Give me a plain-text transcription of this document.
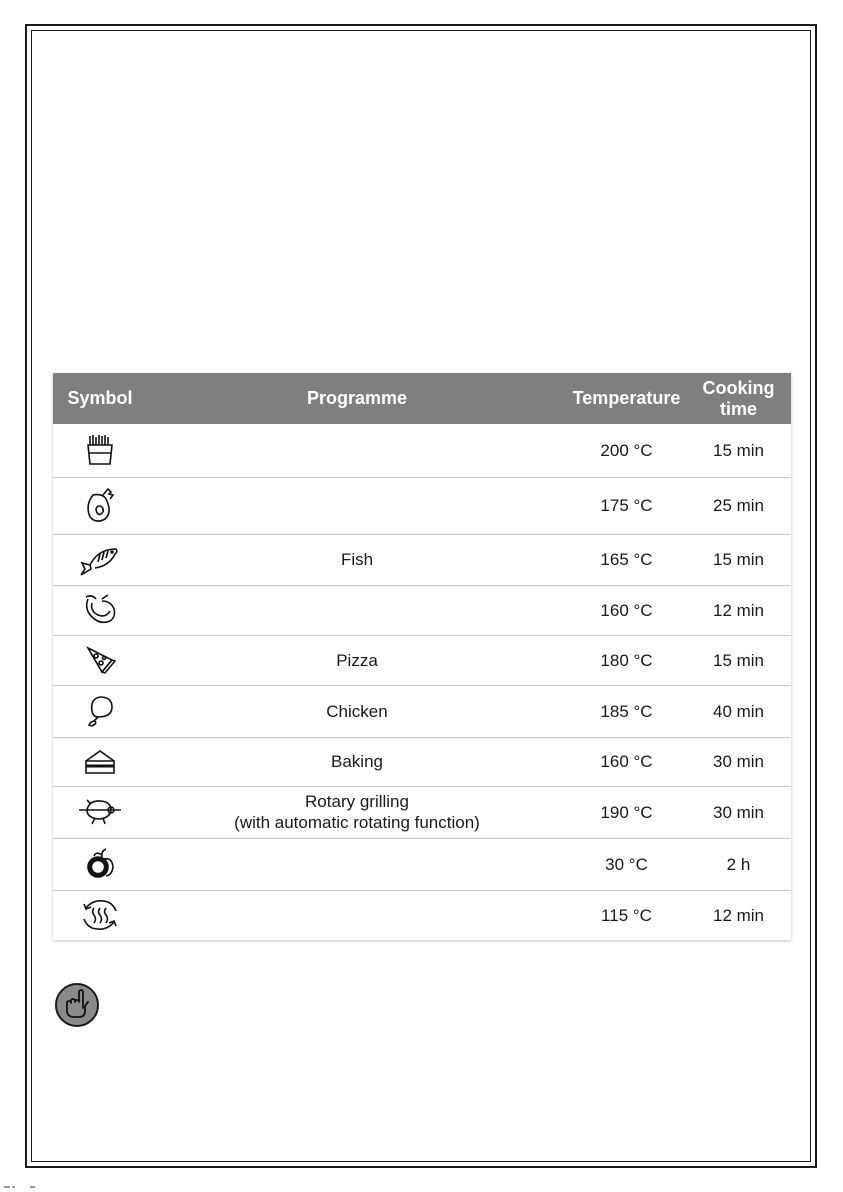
Symbol	Programme	Temperature	Cooking
time

		200 °C	15 min

		175 °C	25 min

	Fish	165 °C	15 min

		160 °C	12 min

	Pizza	180 °C	15 min

	Chicken	185 °C	40 min

	Baking	160 °C	30 min

	Rotary grilling
(with automatic rotating function)	190 °C	30 min

		30 °C	2 h

		115 °C	12 min
